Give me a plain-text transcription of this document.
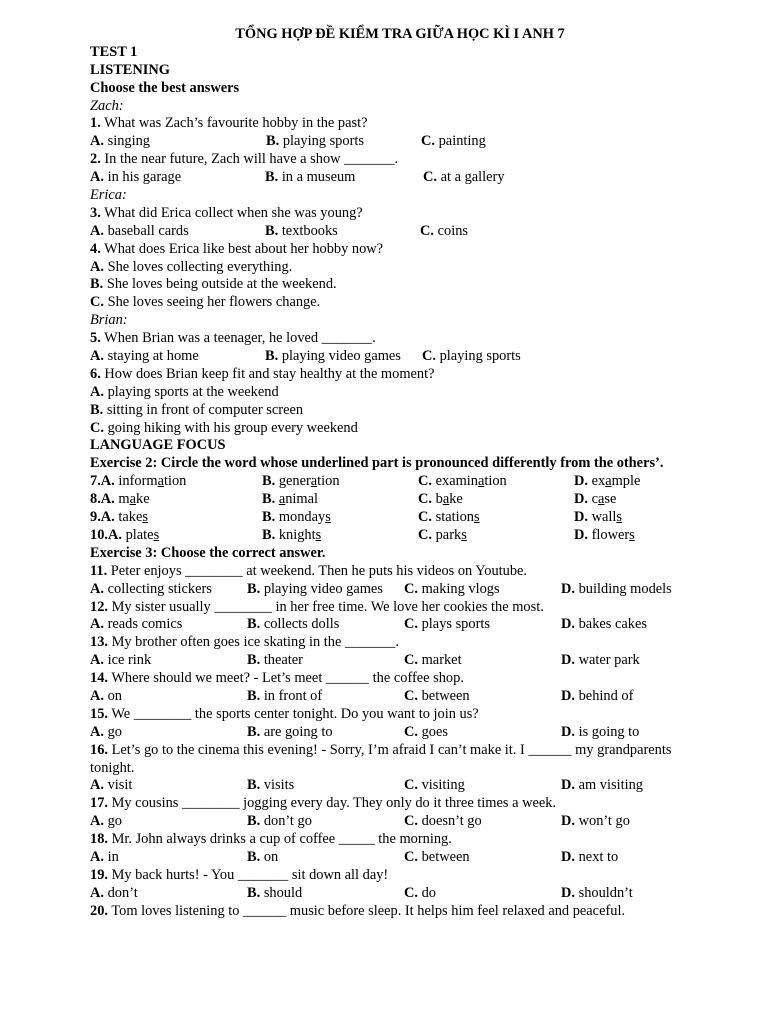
TỔNG HỢP ĐỀ KIỂM TRA GIỮA HỌC KÌ I ANH 7
TEST 1
LISTENING
Choose the best answers
Zach:
1. What was Zach’s favourite hobby in the past?
A. singing	B. playing sports	C. painting
2. In the near future, Zach will have a show _______.
A. in his garage	B. in a museum	C. at a gallery
Erica:
3. What did Erica collect when she was young?
A. baseball cards	B. textbooks	C. coins
4. What does Erica like best about her hobby now?
A. She loves collecting everything.
B. She loves being outside at the weekend.
C. She loves seeing her flowers change.
Brian:
5. When Brian was a teenager, he loved _______.
A. staying at home	B. playing video games C. playing sports
6. How does Brian keep fit and stay healthy at the moment?
A. playing sports at the weekend
B. sitting in front of computer screen
C. going hiking with his group every weekend
LANGUAGE FOCUS
Exercise 2: Circle the word whose underlined part is pronounced differently from the others’.
7.A. information	B. generation	C. examination	D. example
8.A. make	B. animal	C. bake	D. case
9.A. takes	B. mondays	C. stations	D. walls
10.A. plates	B. knights	C. parks	D. flowers
Exercise 3: Choose the correct answer.
11. Peter enjoys ________ at weekend. Then he puts his videos on Youtube.
A. collecting stickers B. playing video games C. making vlogs	D. building models
12. My sister usually ________ in her free time. We love her cookies the most.
A. reads comics	B. collects dolls	C. plays sports	D. bakes cakes
13. My brother often goes ice skating in the _______.
A. ice rink	B. theater	C. market	D. water park
14. Where should we meet? - Let’s meet ______ the coffee shop.
A. on	B. in front of	C. between	D. behind of
15. We ________ the sports center tonight. Do you want to join us?
A. go	B. are going to	C. goes	D. is going to
16. Let’s go to the cinema this evening! - Sorry, I’m afraid I can’t make it. I ______ my grandparents tonight.
A. visit	B. visits	C. visiting	D. am visiting
17. My cousins ________ jogging every day. They only do it three times a week.
A. go	B. don’t go	C. doesn’t go	D. won’t go
18. Mr. John always drinks a cup of coffee _____ the morning.
A. in	B. on	C. between	D. next to
19. My back hurts! - You _______ sit down all day!
A. don’t	B. should	C. do	D. shouldn’t
20. Tom loves listening to ______ music before sleep. It helps him feel relaxed and peaceful.
